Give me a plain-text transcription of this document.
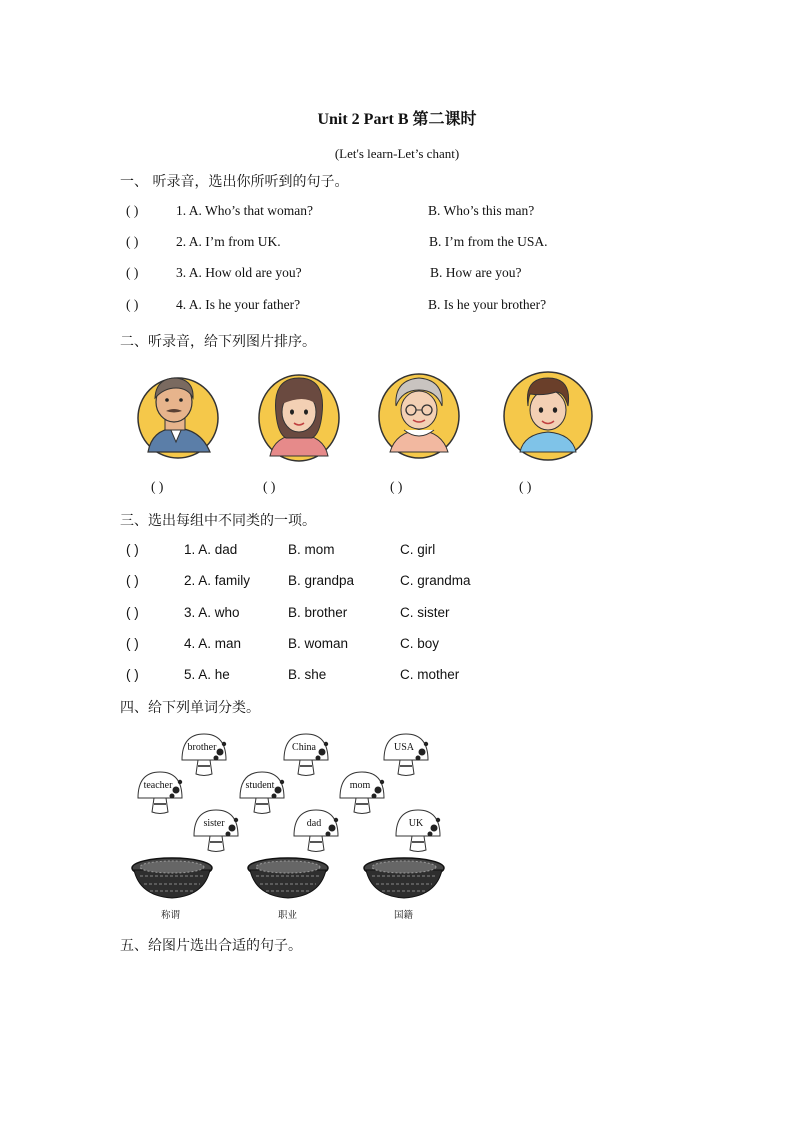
Unit 2 Part B 第二课时
(Let's learn-Let’s chant)
一、 听录音，选出你所听到的句子。
( )	1. A. Who’s that woman?	B. Who’s this man?
( )	2. A. I’m from UK.	B. I’m from the USA.
( )	3. A. How old are you?	B. How are you?
( )	4. A. Is he your father?	B. Is he your brother?
二、听录音，给下列图片排序。
( )	( )	( )	( )
三、选出每组中不同类的一项。
( )	1. A. dad	B. mom	C. girl
( )	2. A. family	B. grandpa	C. grandma
( )	3. A. who	B. brother	C. sister
( )	4. A. man	B. woman	C. boy
( )	5. A. he	B. she	C. mother
四、给下列单词分类。
brother	China	USA
teacher	student	mom
sister	dad	UK
称谓	职业	国籍
五、给图片选出合适的句子。
